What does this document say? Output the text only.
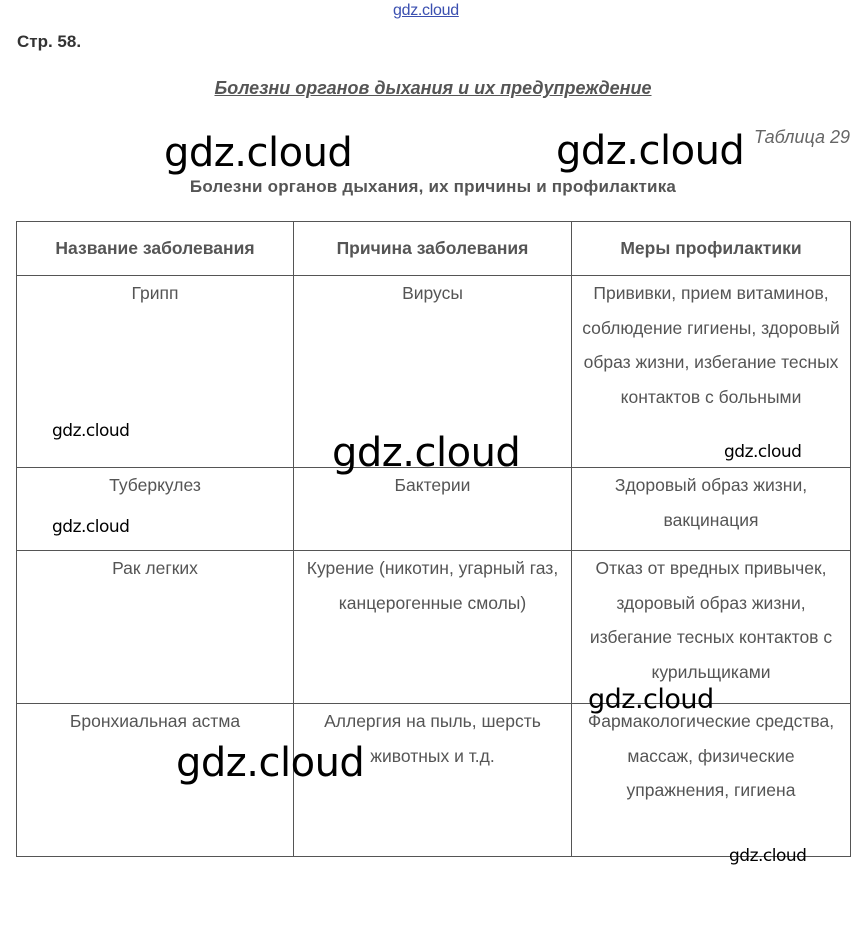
gdz.cloud
Стр. 58.
Болезни органов дыхания и их предупреждение
Таблица 29
Болезни органов дыхания, их причины и профилактика
Название заболевания	Причина заболевания	Меры профилактики
Грипп	Вирусы	Прививки, прием витаминов, соблюдение гигиены, здоровый образ жизни, избегание тесных контактов с больными
Туберкулез	Бактерии	Здоровый образ жизни, вакцинация
Рак легких	Курение (никотин, угарный газ, канцерогенные смолы)	Отказ от вредных привычек, здоровый образ жизни, избегание тесных контактов с курильщиками
Бронхиальная астма	Аллергия на пыль, шерсть животных и т.д.	Фармакологические средства, массаж, физические упражнения, гигиена
gdz.cloud	gdz.cloud
gdz.cloud	gdz.cloud	gdz.cloud
gdz.cloud
gdz.cloud
gdz.cloud
gdz.cloud
